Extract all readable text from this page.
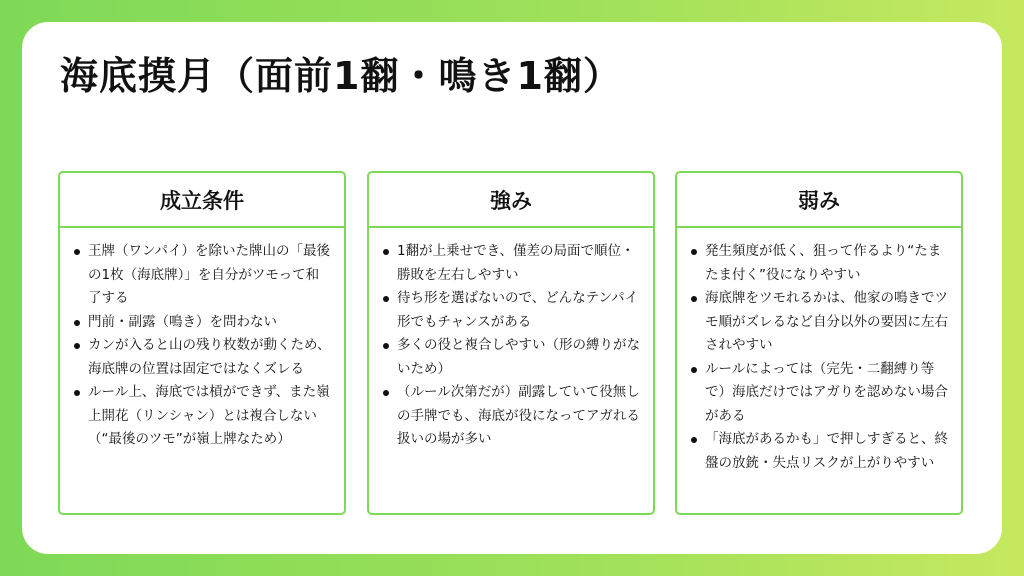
海底摸月（面前1翻・鳴き1翻）
成立条件
王牌（ワンパイ）を除いた牌山の「最後の1枚（海底牌）」を自分がツモって和了する
門前・副露（鳴き）を問わない
カンが入ると山の残り枚数が動くため、海底牌の位置は固定ではなくズレる
ルール上、海底では槓ができず、また嶺上開花（リンシャン）とは複合しない
（“最後のツモ”が嶺上牌なため）
強み
1翻が上乗せでき、僅差の局面で順位・勝敗を左右しやすい
待ち形を選ばないので、どんなテンパイ形でもチャンスがある
多くの役と複合しやすい（形の縛りがないため）
（ルール次第だが）副露していて役無しの手牌でも、海底が役になってアガれる扱いの場が多い
弱み
発生頻度が低く、狙って作るより“たまたま付く”役になりやすい
海底牌をツモれるかは、他家の鳴きでツモ順がズレるなど自分以外の要因に左右されやすい
ルールによっては（完先・二翻縛り等で）海底だけではアガりを認めない場合がある
「海底があるかも」で押しすぎると、終盤の放銃・失点リスクが上がりやすい
